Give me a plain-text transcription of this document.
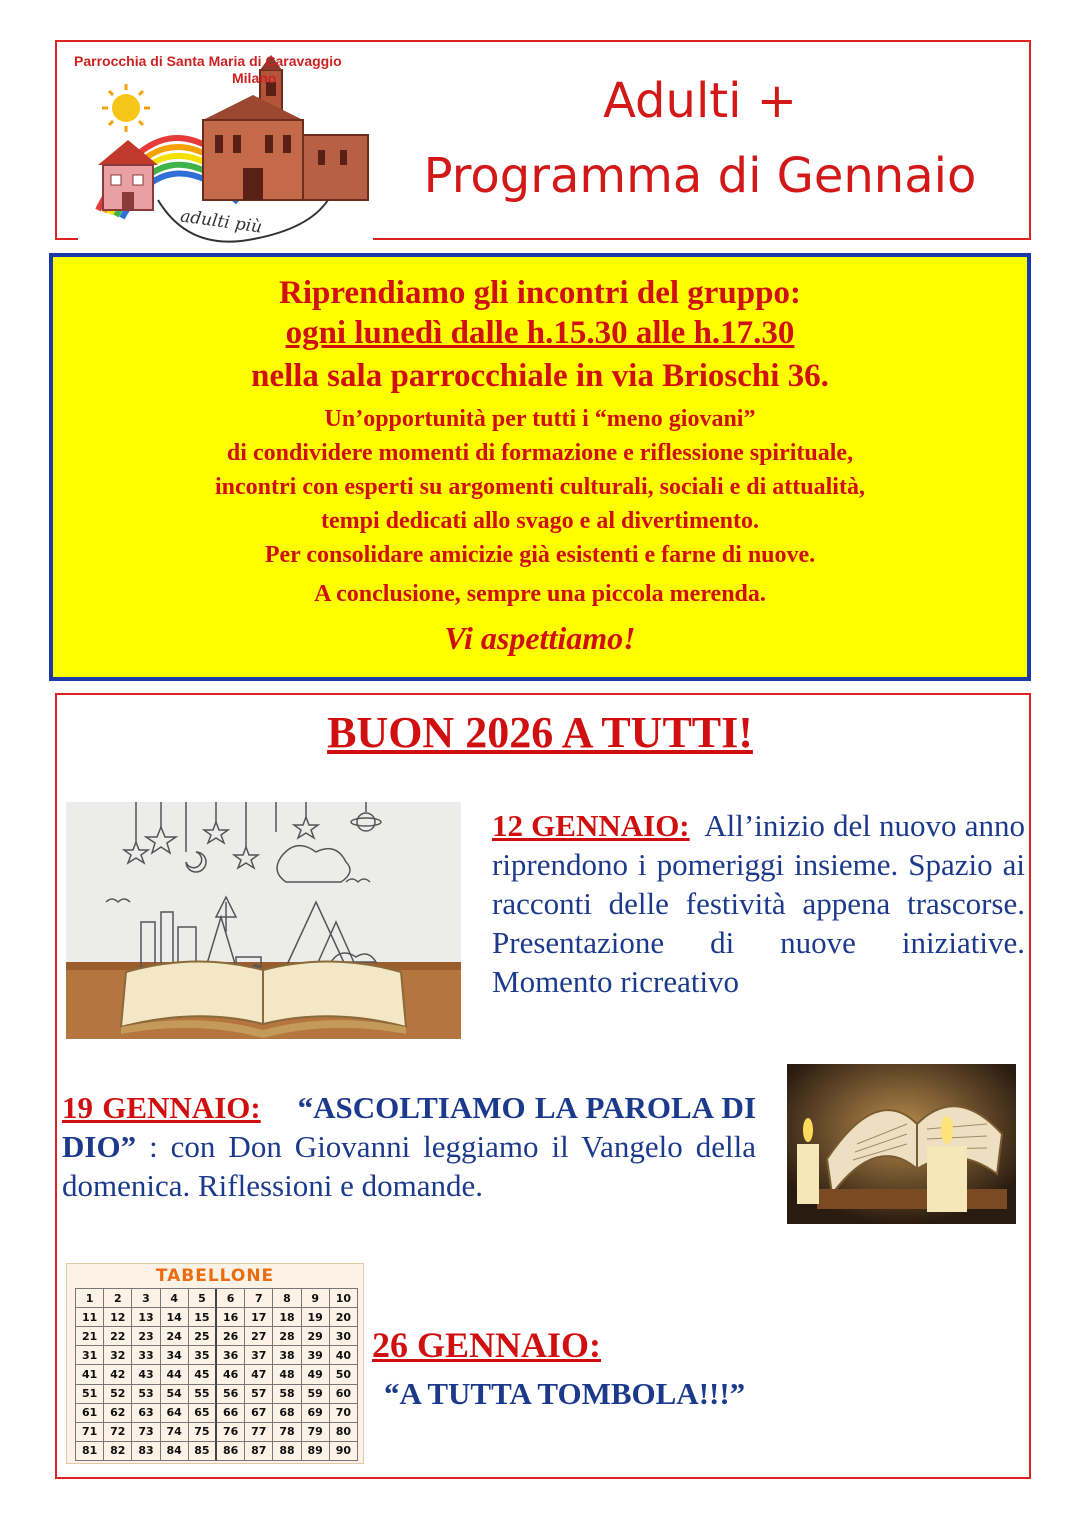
Parrocchia di Santa Maria di Caravaggio
Milano
adulti più
Adulti +
Programma di Gennaio
Riprendiamo gli incontri del gruppo:
ogni lunedì dalle h.15.30 alle h.17.30
nella sala parrocchiale in via Brioschi 36.
Un’opportunità per tutti i “meno giovani”
di condividere momenti di formazione e riflessione spirituale,
incontri con esperti su argomenti culturali, sociali e di attualità,
tempi dedicati allo svago e al divertimento.
Per consolidare amicizie già esistenti e farne di nuove.
A conclusione, sempre una piccola merenda.
Vi aspettiamo!
BUON 2026 A TUTTI!
12 GENNAIO: All’inizio del nuovo anno riprendono i pomeriggi insieme. Spazio ai racconti delle festività appena trascorse. Presentazione di nuove iniziative. Momento ricreativo
19 GENNAIO: “ASCOLTIAMO LA PAROLA DI DIO” : con Don Giovanni leggiamo il Vangelo della domenica. Riflessioni e domande.
TABELLONE
1	2	3	4	5	6	7	8	9	10
11	12	13	14	15	16	17	18	19	20
21	22	23	24	25	26	27	28	29	30
31	32	33	34	35	36	37	38	39	40
41	42	43	44	45	46	47	48	49	50
51	52	53	54	55	56	57	58	59	60
61	62	63	64	65	66	67	68	69	70
71	72	73	74	75	76	77	78	79	80
81	82	83	84	85	86	87	88	89	90
26 GENNAIO:
“A TUTTA TOMBOLA!!!”
